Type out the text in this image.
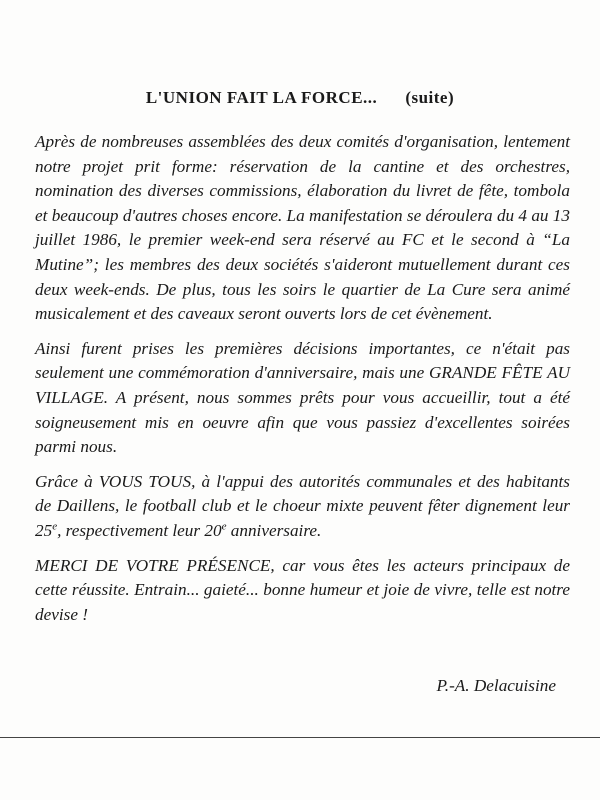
L'UNION FAIT LA FORCE... (suite)

Après de nombreuses assemblées des deux comités d'organisation, lentement notre projet prit forme: réservation de la cantine et des orchestres, nomination des diverses commissions, élaboration du livret de fête, tombola et beaucoup d'autres choses encore. La manifestation se déroulera du 4 au 13 juillet 1986, le premier week-end sera réservé au FC et le second à “La Mutine”; les membres des deux sociétés s'aideront mutuellement durant ces deux week-ends. De plus, tous les soirs le quartier de La Cure sera animé musicalement et des caveaux seront ouverts lors de cet évènement.

Ainsi furent prises les premières décisions importantes, ce n'était pas seulement une commémoration d'anniversaire, mais une GRANDE FÊTE AU VILLAGE. A présent, nous sommes prêts pour vous accueillir, tout a été soigneusement mis en oeuvre afin que vous passiez d'excellentes soirées parmi nous.

Grâce à VOUS TOUS, à l'appui des autorités communales et des habitants de Daillens, le football club et le choeur mixte peuvent fêter dignement leur 25e, respectivement leur 20e anniversaire.

MERCI DE VOTRE PRÉSENCE, car vous êtes les acteurs principaux de cette réussite. Entrain... gaieté... bonne humeur et joie de vivre, telle est notre devise !

P.-A. Delacuisine
